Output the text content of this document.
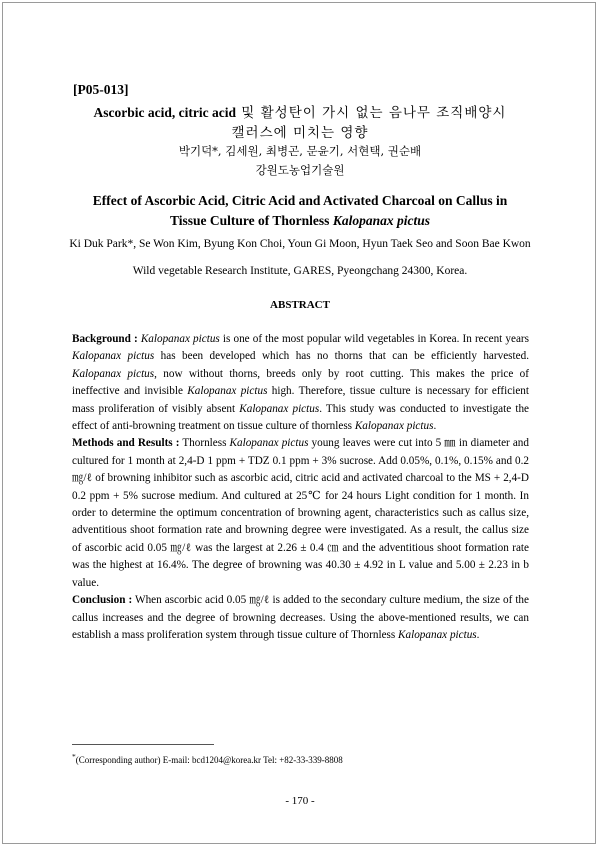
[P05-013]
Ascorbic acid, citric acid 및 활성탄이 가시 없는 음나무 조직배양시
캘러스에 미치는 영향
박기덕*, 김세원, 최병곤, 문윤기, 서현택, 권순배
강원도농업기술원
Effect of Ascorbic Acid, Citric Acid and Activated Charcoal on Callus in
Tissue Culture of Thornless Kalopanax pictus
Ki Duk Park*, Se Won Kim, Byung Kon Choi, Youn Gi Moon, Hyun Taek Seo and Soon Bae Kwon
Wild vegetable Research Institute, GARES, Pyeongchang 24300, Korea.
ABSTRACT

Background : Kalopanax pictus is one of the most popular wild vegetables in Korea. In recent years Kalopanax pictus has been developed which has no thorns that can be efficiently harvested. Kalopanax pictus, now without thorns, breeds only by root cutting. This makes the price of ineffective and invisible Kalopanax pictus high. Therefore, tissue culture is necessary for efficient mass proliferation of visibly absent Kalopanax pictus. This study was conducted to investigate the effect of anti-browning treatment on tissue culture of thornless Kalopanax pictus.

Methods and Results : Thornless Kalopanax pictus young leaves were cut into 5 ㎜ in diameter and cultured for 1 month at 2,4-D 1 ppm + TDZ 0.1 ppm + 3% sucrose. Add 0.05%, 0.1%, 0.15% and 0.2 ㎎/ℓ of browning inhibitor such as ascorbic acid, citric acid and activated charcoal to the MS + 2,4-D 0.2 ppm + 5% sucrose medium. And cultured at 25℃ for 24 hours Light condition for 1 month. In order to determine the optimum concentration of browning agent, characteristics such as callus size, adventitious shoot formation rate and browning degree were investigated. As a result, the callus size of ascorbic acid 0.05 ㎎/ℓ was the largest at 2.26 ± 0.4 ㎝ and the adventitious shoot formation rate was the highest at 16.4%. The degree of browning was 40.30 ± 4.92 in L value and 5.00 ± 2.23 in b value.

Conclusion : When ascorbic acid 0.05 ㎎/ℓ is added to the secondary culture medium, the size of the callus increases and the degree of browning decreases. Using the above-mentioned results, we can establish a mass proliferation system through tissue culture of Thornless Kalopanax pictus.

*(Corresponding author) E-mail: bcd1204@korea.kr Tel: +82-33-339-8808
- 170 -
